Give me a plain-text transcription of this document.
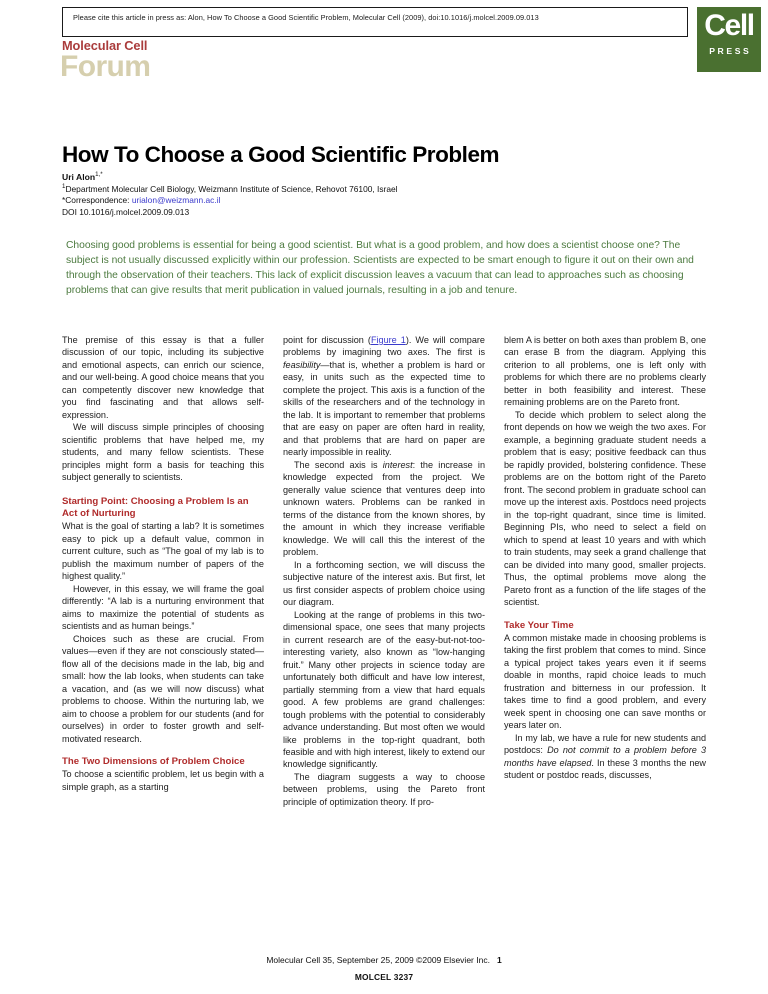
Please cite this article in press as: Alon, How To Choose a Good Scientific Problem, Molecular Cell (2009), doi:10.1016/j.molcel.2009.09.013	Cell
PRESS
Molecular Cell
Forum
How To Choose a Good Scientific Problem
Uri Alon$^{1,*}$
$^1$Department Molecular Cell Biology, Weizmann Institute of Science, Rehovot 76100, Israel
*Correspondence: urialon@weizmann.ac.il
DOI 10.1016/j.molcel.2009.09.013
Choosing good problems is essential for being a good scientist. But what is a good problem, and how does a scientist choose one? The subject is not usually discussed explicitly within our profession. Scientists are expected to be smart enough to figure it out on their own and through the observation of their teachers. This lack of explicit discussion leaves a vacuum that can lead to approaches such as choosing problems that can give results that merit publication in valued journals, resulting in a job and tenure.

The premise of this essay is that a fuller discussion of our topic, including its subjective and emotional aspects, can enrich our science, and our well-being. A good choice means that you can competently discover new knowledge that you find fascinating and that allows self-expression.

We will discuss simple principles of choosing scientific problems that have helped me, my students, and many fellow scientists. These principles might form a basis for teaching this subject generally to scientists.

Starting Point: Choosing a Problem Is an Act of Nurturing

What is the goal of starting a lab? It is sometimes easy to pick up a default value, common in current culture, such as “The goal of my lab is to publish the maximum number of papers of the highest quality.”

However, in this essay, we will frame the goal differently: “A lab is a nurturing environment that aims to maximize the potential of students as scientists and as human beings.”

Choices such as these are crucial. From values—even if they are not consciously stated—flow all of the decisions made in the lab, big and small: how the lab looks, when students can take a vacation, and (as we will now discuss) what problems to choose. Within the nurturing lab, we aim to choose a problem for our students (and for ourselves) in order to foster growth and self-motivated research.

The Two Dimensions of Problem Choice

To choose a scientific problem, let us begin with a simple graph, as a starting

point for discussion (Figure 1). We will compare problems by imagining two axes. The first is feasibility—that is, whether a problem is hard or easy, in units such as the expected time to complete the project. This axis is a function of the skills of the researchers and of the technology in the lab. It is important to remember that problems that are easy on paper are often hard in reality, and that problems that are hard on paper are nearly impossible in reality.

The second axis is interest: the increase in knowledge expected from the project. We generally value science that ventures deep into unknown waters. Problems can be ranked in terms of the distance from the known shores, by the amount in which they increase verifiable knowledge. We will call this the interest of the problem.

In a forthcoming section, we will discuss the subjective nature of the interest axis. But first, let us first consider aspects of problem choice using our diagram.

Looking at the range of problems in this two-dimensional space, one sees that many projects in current research are of the easy-but-not-too-interesting variety, also known as “low-hanging fruit.” Many other projects in science today are unfortunately both difficult and have low interest, partially stemming from a view that hard equals good. A few problems are grand challenges: tough problems with the potential to considerably advance understanding. But most often we would like problems in the top-right quadrant, both feasible and with high interest, likely to extend our knowledge significantly.

The diagram suggests a way to choose between problems, using the Pareto front principle of optimization theory. If pro-

blem A is better on both axes than problem B, one can erase B from the diagram. Applying this criterion to all problems, one is left only with problems for which there are no problems clearly better in both feasibility and interest. These remaining problems are on the Pareto front.

To decide which problem to select along the front depends on how we weigh the two axes. For example, a beginning graduate student needs a problem that is easy; positive feedback can thus be rapidly provided, bolstering confidence. These problems are on the bottom right of the Pareto front. The second problem in graduate school can move up the interest axis. Postdocs need projects in the top-right quadrant, since time is limited. Beginning PIs, who need to select a field on which to spend at least 10 years and with which to train students, may seek a grand challenge that can be divided into many good, smaller projects. Thus, the optimal problems move along the Pareto front as a function of the life stages of the scientist.

Take Your Time

A common mistake made in choosing problems is taking the first problem that comes to mind. Since a typical project takes years even it if seems doable in months, rapid choice leads to much frustration and bitterness in our profession. It takes time to find a good problem, and every week spent in choosing one can save months or years later on.

In my lab, we have a rule for new students and postdocs: Do not commit to a problem before 3 months have elapsed. In these 3 months the new student or postdoc reads, discusses,

Molecular Cell 35, September 25, 2009 ©2009 Elsevier Inc. 1
MOLCEL 3237
